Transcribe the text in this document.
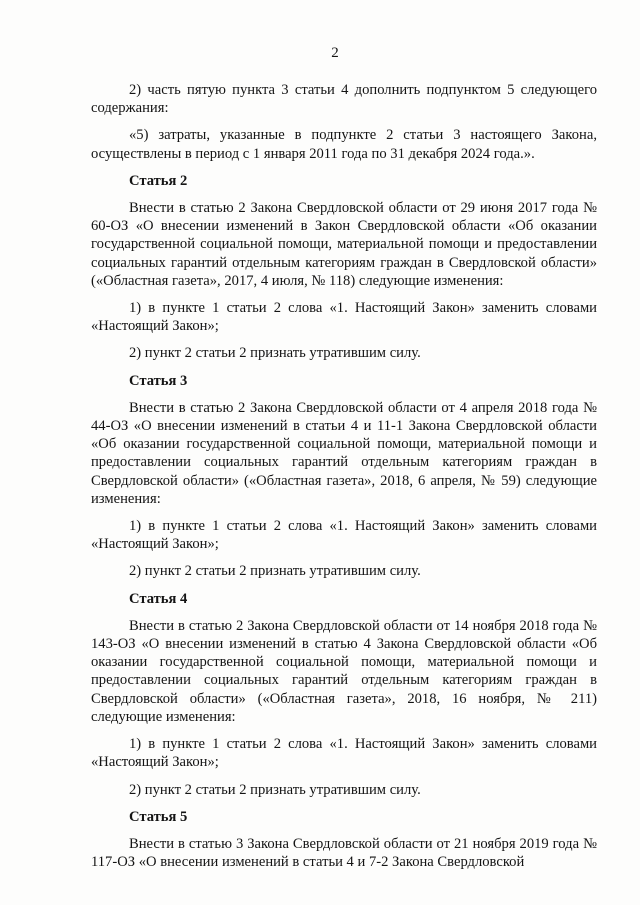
2

2) часть пятую пункта 3 статьи 4 дополнить подпунктом 5 следующего содержания:

«5) затраты, указанные в подпункте 2 статьи 3 настоящего Закона, осуществлены в период с 1 января 2011 года по 31 декабря 2024 года.».

Статья 2

Внести в статью 2 Закона Свердловской области от 29 июня 2017 года № 60-ОЗ «О внесении изменений в Закон Свердловской области «Об оказании государственной социальной помощи, материальной помощи и предоставлении социальных гарантий отдельным категориям граждан в Свердловской области» («Областная газета», 2017, 4 июля, № 118) следующие изменения:

1) в пункте 1 статьи 2 слова «1. Настоящий Закон» заменить словами «Настоящий Закон»;

2) пункт 2 статьи 2 признать утратившим силу.

Статья 3

Внести в статью 2 Закона Свердловской области от 4 апреля 2018 года № 44-ОЗ «О внесении изменений в статьи 4 и 11-1 Закона Свердловской области «Об оказании государственной социальной помощи, материальной помощи и предоставлении социальных гарантий отдельным категориям граждан в Свердловской области» («Областная газета», 2018, 6 апреля, № 59) следующие изменения:

1) в пункте 1 статьи 2 слова «1. Настоящий Закон» заменить словами «Настоящий Закон»;

2) пункт 2 статьи 2 признать утратившим силу.

Статья 4

Внести в статью 2 Закона Свердловской области от 14 ноября 2018 года № 143-ОЗ «О внесении изменений в статью 4 Закона Свердловской области «Об оказании государственной социальной помощи, материальной помощи и предоставлении социальных гарантий отдельным категориям граждан в Свердловской области» («Областная газета», 2018, 16 ноября, № 211) следующие изменения:

1) в пункте 1 статьи 2 слова «1. Настоящий Закон» заменить словами «Настоящий Закон»;

2) пункт 2 статьи 2 признать утратившим силу.

Статья 5

Внести в статью 3 Закона Свердловской области от 21 ноября 2019 года № 117-ОЗ «О внесении изменений в статьи 4 и 7-2 Закона Свердловской
